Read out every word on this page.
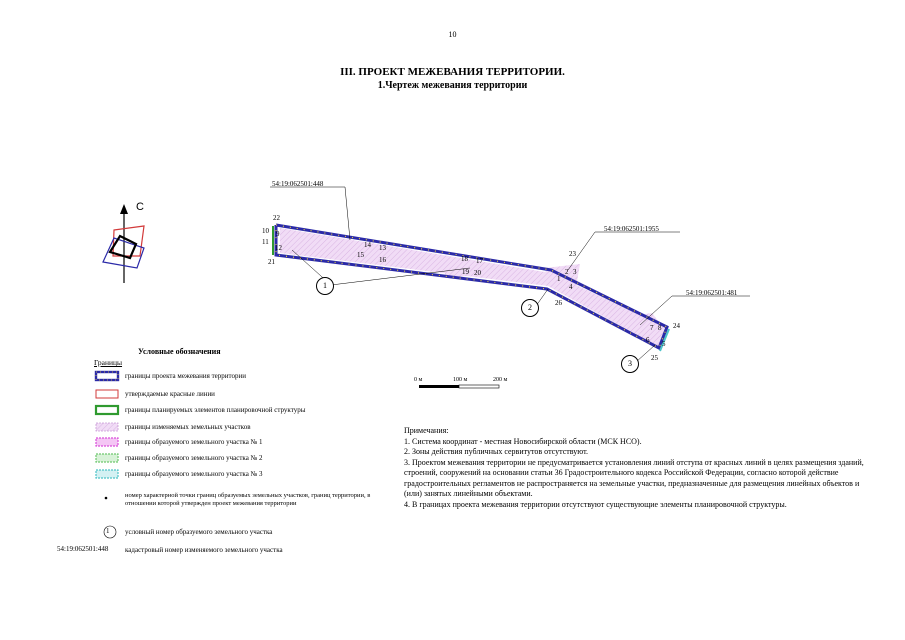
10
III. ПРОЕКТ МЕЖЕВАНИЯ ТЕРРИТОРИИ.
1.Чертеж межевания территории
С
1
2
3
54:19:062501:448
54:19:062501:1955
54:19:062501:481
1
2 3
4
5
6
7 8
9
10
11
12	13
14
15
16	17
18
19 20
21
22
23
24
25
26
0 м	100 м	200 м
Условные обозначения
Границы
границы проекта межевания территории
утверждаемые красные линии
границы планируемых элементов планировочной структуры
границы изменяемых земельных участков
границы образуемого земельного участка № 1
границы образуемого земельного участка № 2
границы образуемого земельного участка № 3
номер характерной точки границ образуемых земельных участков, границ территории, в отношении которой утвержден проект межевания территории
1 условный номер образуемого земельного участка
54:19:062501:448 кадастровый номер изменяемого земельного участка
Примечания:
1. Система координат - местная Новосибирской области (МСК НСО).
2. Зоны действия публичных сервитутов отсутствуют.
3. Проектом межевания территории не предусматривается установления линий отступа от красных линий в целях размещения зданий, строений, сооружений на основании статьи 36 Градостроительного кодекса Российской Федерации, согласно которой действие градостроительных регламентов не распространяется на земельные участки, предназначенные для размещения линейных объектов и (или) занятых линейными объектами.
4. В границах проекта межевания территории отсутствуют существующие элементы планировочной структуры.
